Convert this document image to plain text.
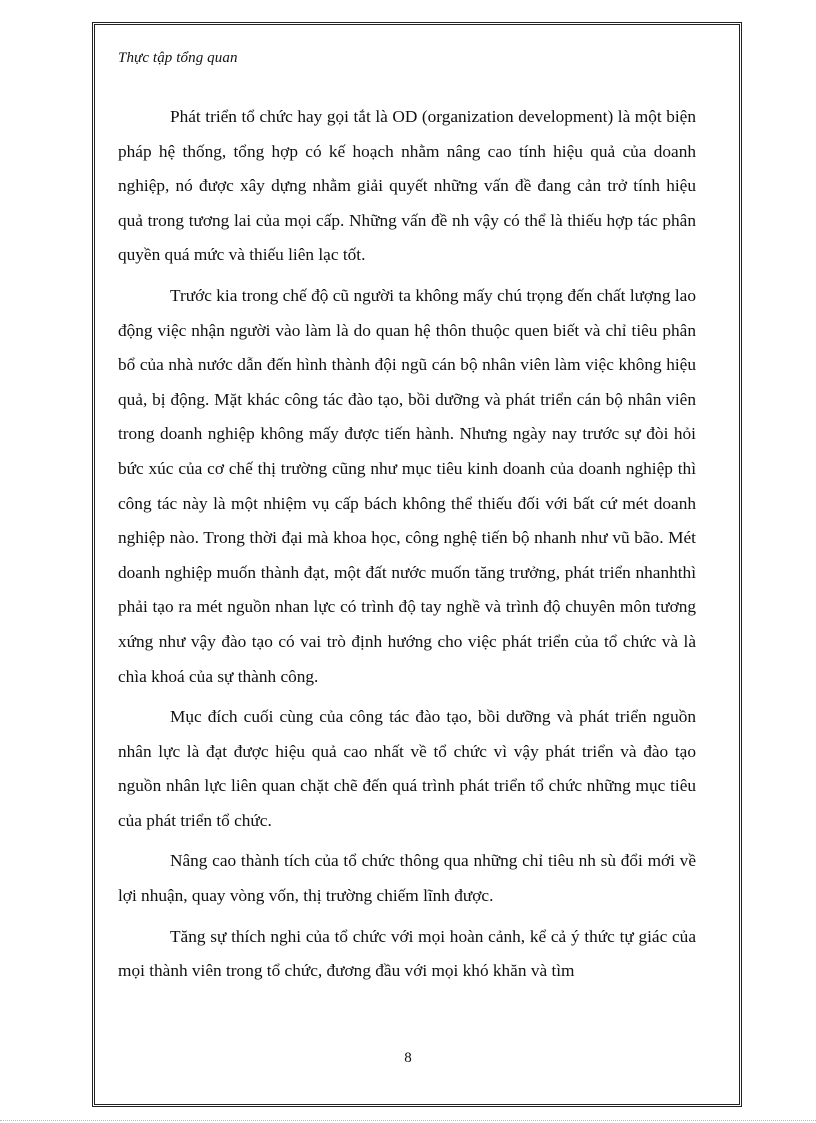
Thực tập tổng quan

Phát triển tổ chức hay gọi tắt là OD (organization development) là một biện pháp hệ thống, tổng hợp có kế hoạch nhằm nâng cao tính hiệu quả của doanh nghiệp, nó được xây dựng nhằm giải quyết những vấn đề đang cản trở tính hiệu quả trong tương lai của mọi cấp. Những vấn đề nh vậy có thể là thiếu hợp tác phân quyền quá mức và thiếu liên lạc tốt.

Trước kia trong chế độ cũ người ta không mấy chú trọng đến chất lượng lao động việc nhận người vào làm là do quan hệ thôn thuộc quen biết và chỉ tiêu phân bổ của nhà nước dẫn đến hình thành đội ngũ cán bộ nhân viên làm việc không hiệu quả, bị động. Mặt khác công tác đào tạo, bồi dưỡng và phát triển cán bộ nhân viên trong doanh nghiệp không mấy được tiến hành. Nhưng ngày nay trước sự đòi hỏi bức xúc của cơ chế thị trường cũng như mục tiêu kinh doanh của doanh nghiệp thì công tác này là một nhiệm vụ cấp bách không thể thiếu đối với bất cứ mét doanh nghiệp nào. Trong thời đại mà khoa học, công nghệ tiến bộ nhanh như vũ bão. Mét doanh nghiệp muốn thành đạt, một đất nước muốn tăng trưởng, phát triển nhanhthì phải tạo ra mét nguồn nhan lực có trình độ tay nghề và trình độ chuyên môn tương xứng như vậy đào tạo có vai trò định hướng cho việc phát triển của tổ chức và là chìa khoá của sự thành công.

Mục đích cuối cùng của công tác đào tạo, bồi dưỡng và phát triển nguồn nhân lực là đạt được hiệu quả cao nhất về tổ chức vì vậy phát triển và đào tạo nguồn nhân lực liên quan chặt chẽ đến quá trình phát triển tổ chức những mục tiêu của phát triển tổ chức.

Nâng cao thành tích của tổ chức thông qua những chỉ tiêu nh sù đổi mới về lợi nhuận, quay vòng vốn, thị trường chiếm lĩnh được.

Tăng sự thích nghi của tổ chức với mọi hoàn cảnh, kể cả ý thức tự giác của mọi thành viên trong tổ chức, đương đầu với mọi khó khăn và tìm

8
